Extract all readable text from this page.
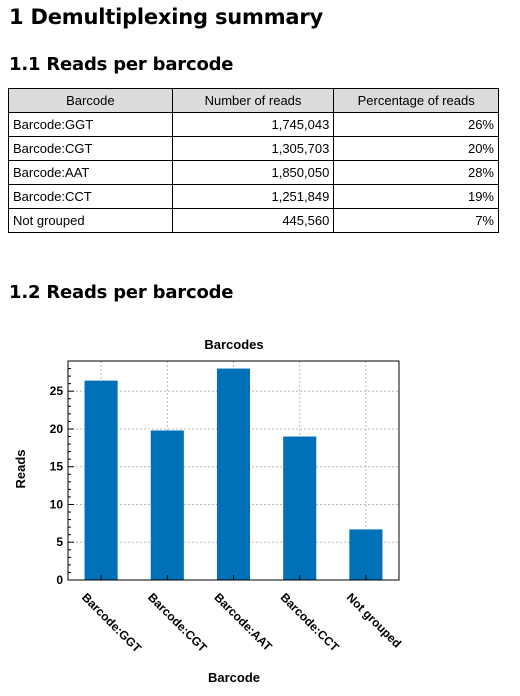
1 Demultiplexing summary
1.1 Reads per barcode
Barcode	Number of reads	Percentage of reads
Barcode:GGT	1,745,043	26%
Barcode:CGT	1,305,703	20%
Barcode:AAT	1,850,050	28%
Barcode:CCT	1,251,849	19%
Not grouped	445,560	7%
1.2 Reads per barcode
Barcodes
0
5
10
15
20
25
Barcode:GGT Barcode:CGT Barcode:AAT Barcode:CCT Not grouped
Reads
Barcode
